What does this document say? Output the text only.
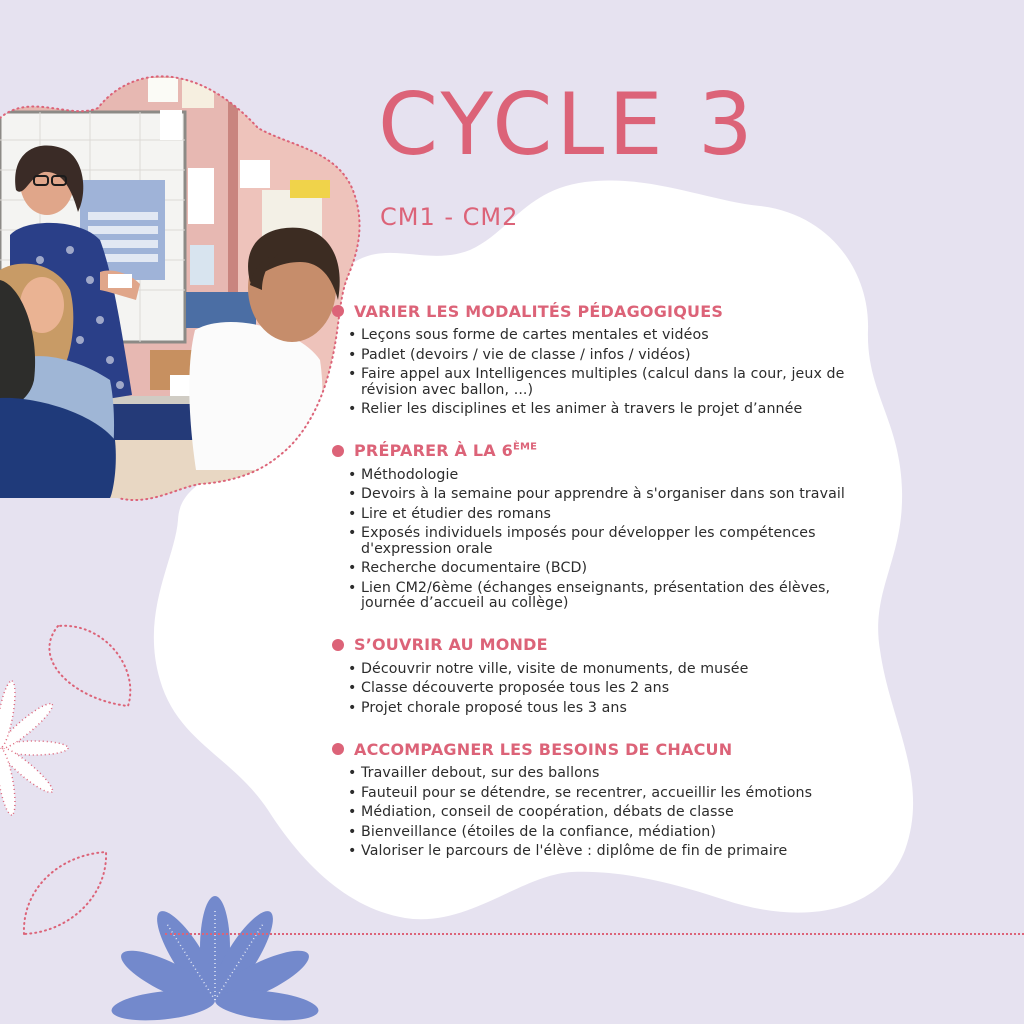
CYCLE 3
CM1 - CM2
VARIER LES MODALITÉS PÉDAGOGIQUES
• Leçons sous forme de cartes mentales et vidéos
• Padlet (devoirs / vie de classe / infos / vidéos)
• Faire appel aux Intelligences multiples (calcul dans la cour, jeux de révision avec ballon, ...)
• Relier les disciplines et les animer à travers le projet d’année
PRÉPARER À LA 6ÈME
• Méthodologie
• Devoirs à la semaine pour apprendre à s'organiser dans son travail
• Lire et étudier des romans
• Exposés individuels imposés pour développer les compétences d'expression orale
• Recherche documentaire (BCD)
• Lien CM2/6ème (échanges enseignants, présentation des élèves, journée d’accueil au collège)
S’OUVRIR AU MONDE
• Découvrir notre ville, visite de monuments, de musée
• Classe découverte proposée tous les 2 ans
• Projet chorale proposé tous les 3 ans
ACCOMPAGNER LES BESOINS DE CHACUN
• Travailler debout, sur des ballons
• Fauteuil pour se détendre, se recentrer, accueillir les émotions
• Médiation, conseil de coopération, débats de classe
• Bienveillance (étoiles de la confiance, médiation)
• Valoriser le parcours de l'élève : diplôme de fin de primaire
